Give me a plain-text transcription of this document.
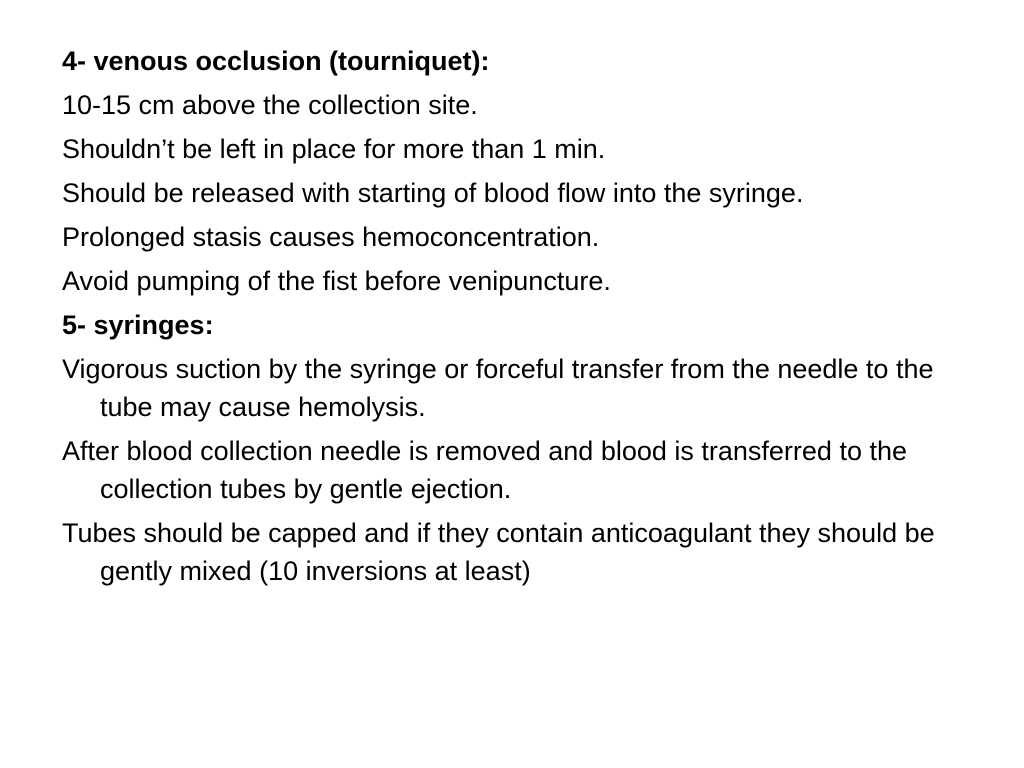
4- venous occlusion (tourniquet):
10-15 cm above the collection site.
Shouldn’t be left in place for more than 1 min.
Should be released with starting of blood flow into the syringe.
Prolonged stasis causes hemoconcentration.
Avoid pumping of the fist before venipuncture.
5- syringes:
Vigorous suction by the syringe or forceful transfer from the needle to the tube may cause hemolysis.
After blood collection needle is removed and blood is transferred to the collection tubes by gentle ejection.
Tubes should be capped and if they contain anticoagulant they should be gently mixed (10 inversions at least)
